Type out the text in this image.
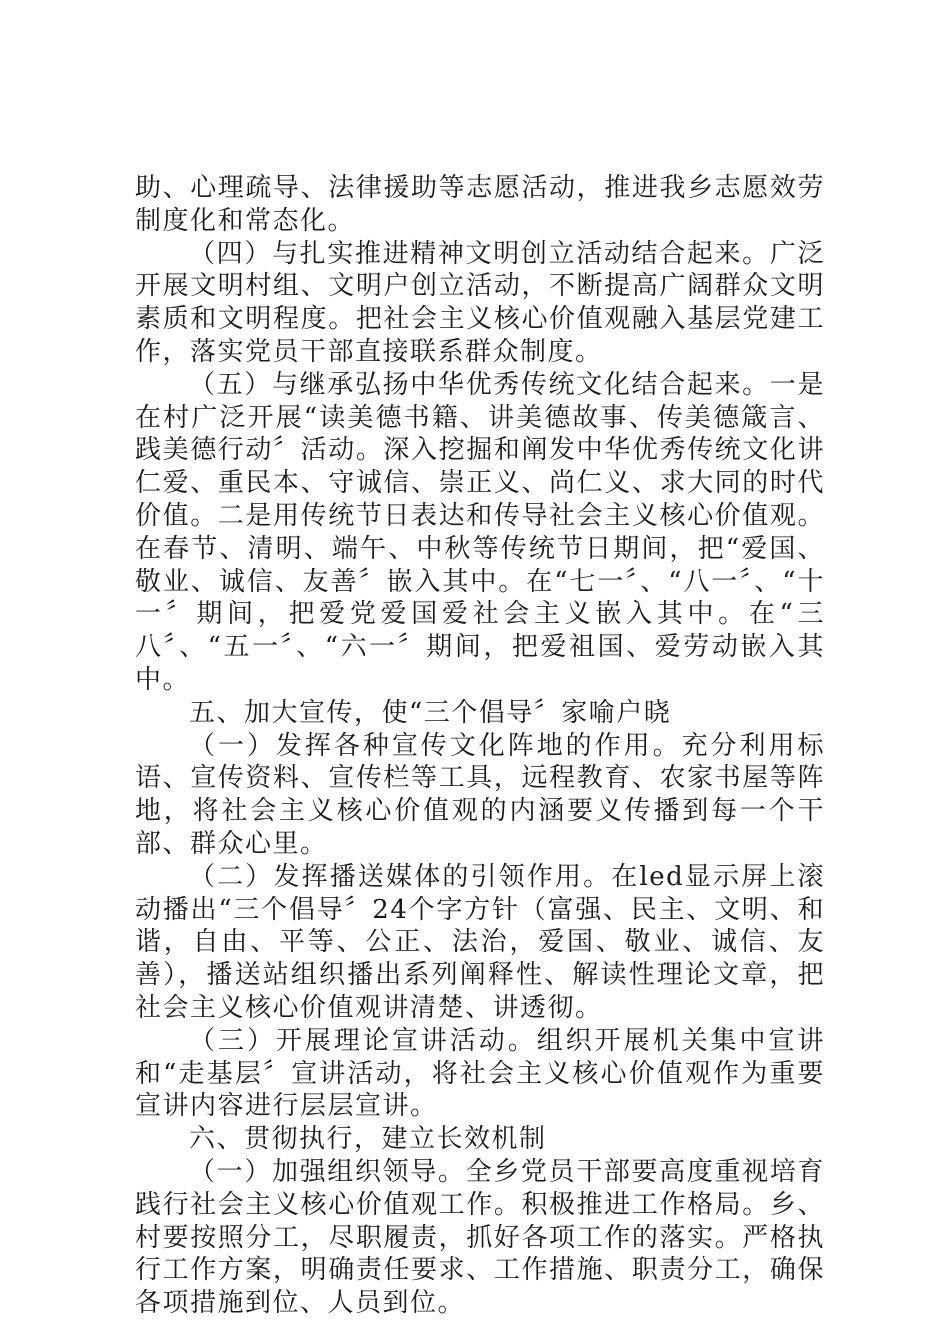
助、心理疏导、法律援助等志愿活动，推进我乡志愿效劳制度化和常态化。

（四）与扎实推进精神文明创立活动结合起来。广泛开展文明村组、文明户创立活动，不断提高广阔群众文明素质和文明程度。把社会主义核心价值观融入基层党建工作，落实党员干部直接联系群众制度。

（五）与继承弘扬中华优秀传统文化结合起来。一是在村广泛开展“读美德书籍、讲美德故事、传美德箴言、践美德行动〞活动。深入挖掘和阐发中华优秀传统文化讲仁爱、重民本、守诚信、崇正义、尚仁义、求大同的时代价值。二是用传统节日表达和传导社会主义核心价值观。在春节、清明、端午、中秋等传统节日期间，把“爱国、敬业、诚信、友善〞嵌入其中。在“七一〞、“八一〞、“十一〞期间，把爱党爱国爱社会主义嵌入其中。在“三八〞、“五一〞、“六一〞期间，把爱祖国、爱劳动嵌入其中。

五、加大宣传，使“三个倡导〞家喻户晓

（一）发挥各种宣传文化阵地的作用。充分利用标语、宣传资料、宣传栏等工具，远程教育、农家书屋等阵地，将社会主义核心价值观的内涵要义传播到每一个干部、群众心里。

（二）发挥播送媒体的引领作用。在led显示屏上滚动播出“三个倡导〞24个字方针（富强、民主、文明、和谐，自由、平等、公正、法治，爱国、敬业、诚信、友善），播送站组织播出系列阐释性、解读性理论文章，把社会主义核心价值观讲清楚、讲透彻。

（三）开展理论宣讲活动。组织开展机关集中宣讲和“走基层〞宣讲活动，将社会主义核心价值观作为重要宣讲内容进行层层宣讲。

六、贯彻执行，建立长效机制

（一）加强组织领导。全乡党员干部要高度重视培育践行社会主义核心价值观工作。积极推进工作格局。乡、村要按照分工，尽职履责，抓好各项工作的落实。严格执行工作方案，明确责任要求、工作措施、职责分工，确保各项措施到位、人员到位。
